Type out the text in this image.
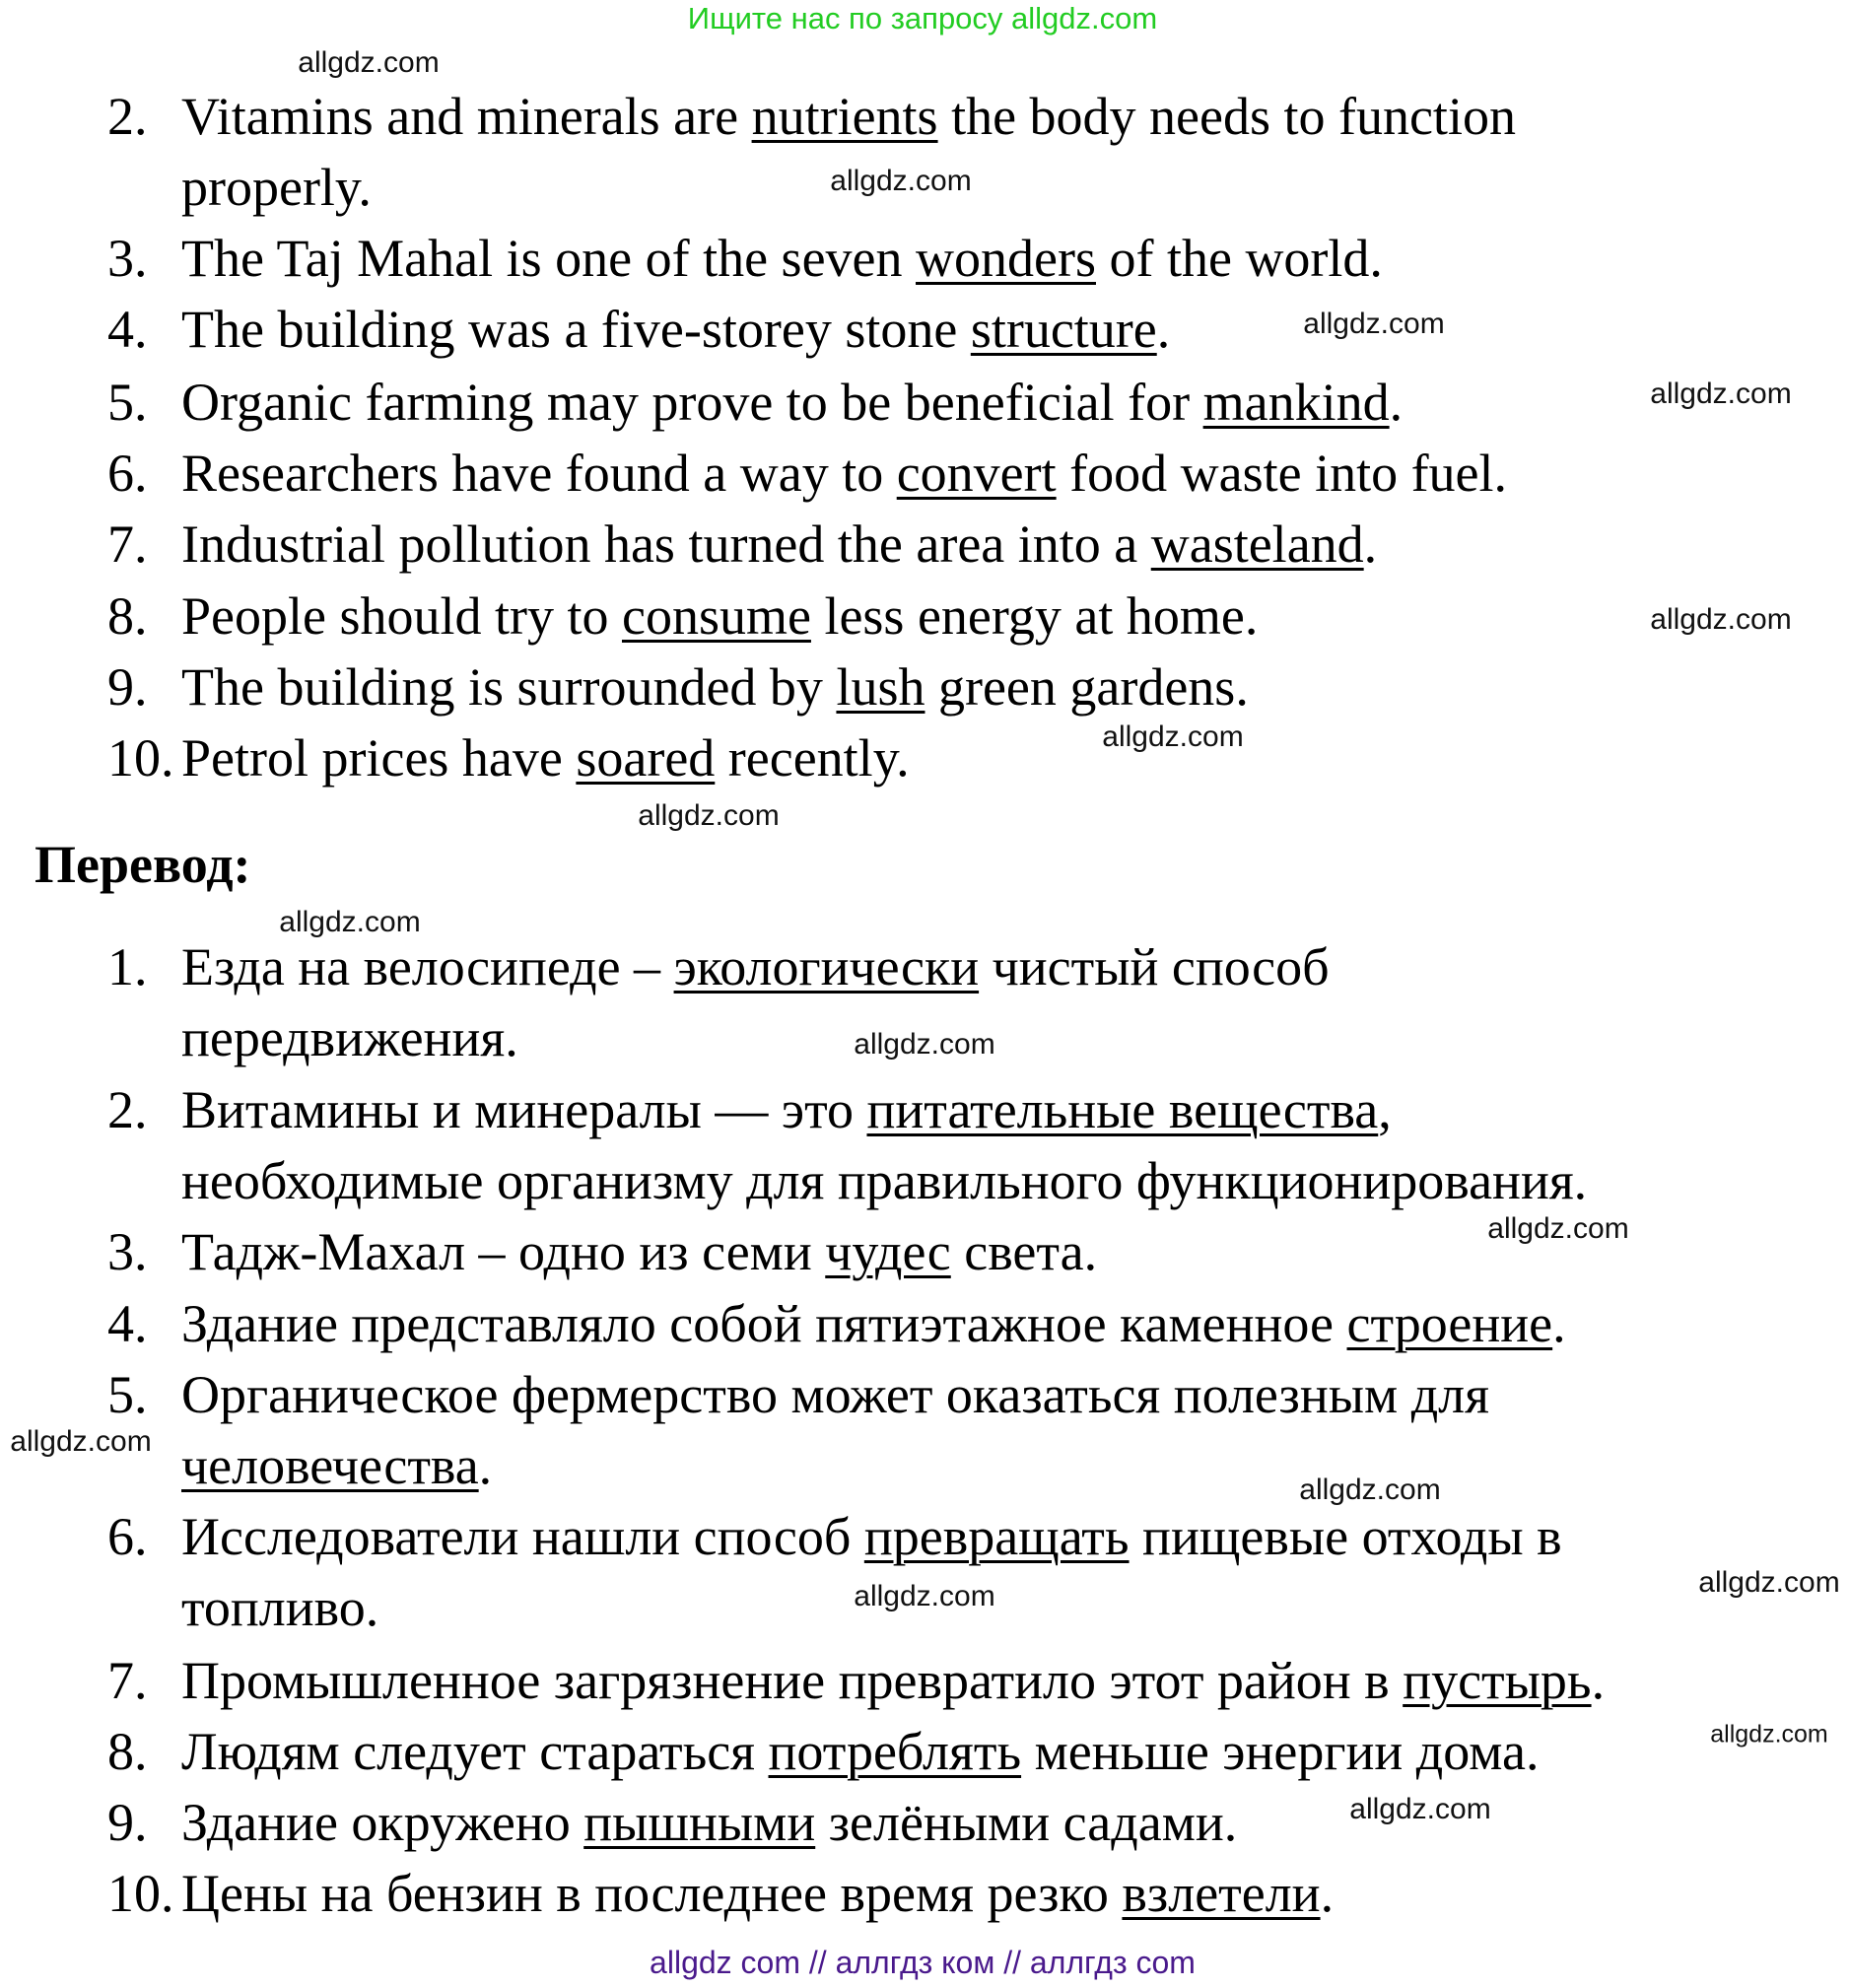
Ищите нас по запросу allgdz.com
Перевод:
allgdz com // аллгдз ком // аллгдз com
2. Vitamins and minerals are nutrients the body needs to function
properly.
3. The Taj Mahal is one of the seven wonders of the world.
4. The building was a five-storey stone structure.
5. Organic farming may prove to be beneficial for mankind.
6. Researchers have found a way to convert food waste into fuel.
7. Industrial pollution has turned the area into a wasteland.
8. People should try to consume less energy at home.
9. The building is surrounded by lush green gardens.
10. Petrol prices have soared recently.
1. Езда на велосипеде – экологически чистый способ
передвижения.
2. Витамины и минералы — это питательные вещества,
необходимые организму для правильного функционирования.
3. Тадж-Махал – одно из семи чудес света.
4. Здание представляло собой пятиэтажное каменное строение.
5. Органическое фермерство может оказаться полезным для
человечества.
6. Исследователи нашли способ превращать пищевые отходы в
топливо.
7. Промышленное загрязнение превратило этот район в пустырь.
8. Людям следует стараться потреблять меньше энергии дома.
9. Здание окружено пышными зелёными садами.
10. Цены на бензин в последнее время резко взлетели.
allgdz.com
allgdz.com
allgdz.com
allgdz.com
allgdz.com
allgdz.com
allgdz.com
allgdz.com
allgdz.com
allgdz.com
allgdz.com
allgdz.com
allgdz.com
allgdz.com
allgdz.com
allgdz.com
